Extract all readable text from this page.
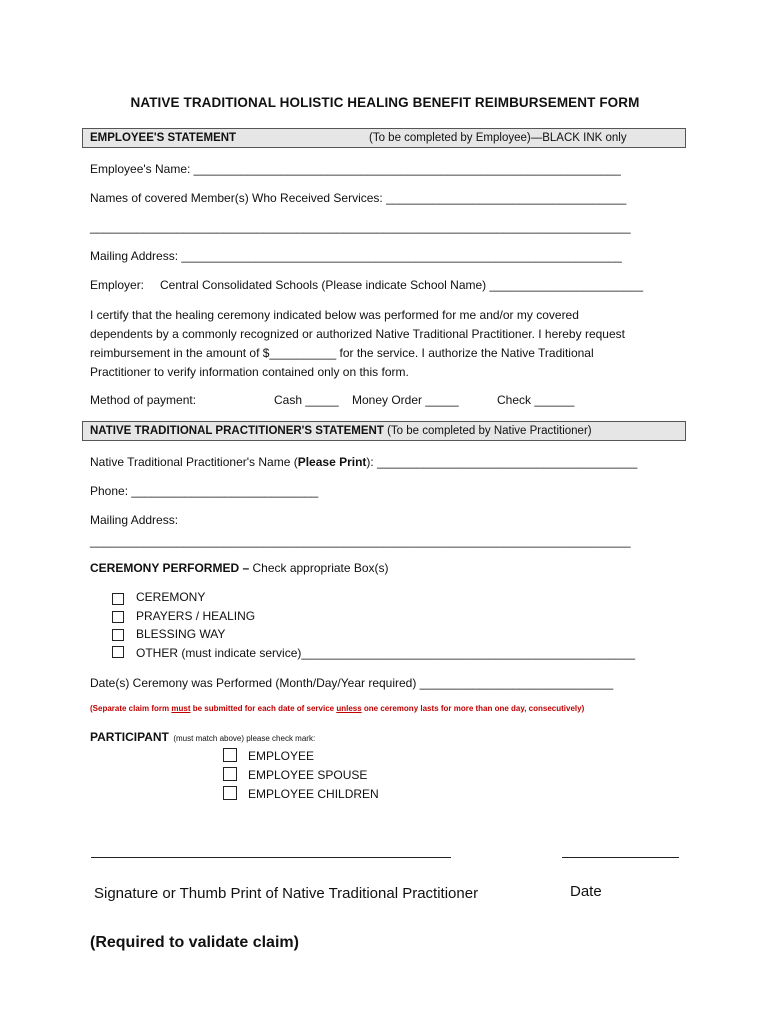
NATIVE TRADITIONAL HOLISTIC HEALING BENEFIT REIMBURSEMENT FORM
EMPLOYEE'S STATEMENT	(To be completed by Employee)—BLACK INK only
Employee's Name: ________________________________________________________________
Names of covered Member(s) Who Received Services: ____________________________________
_________________________________________________________________________________
Mailing Address: __________________________________________________________________
Employer: Central Consolidated Schools (Please indicate School Name) _______________________
I certify that the healing ceremony indicated below was performed for me and/or my covered
dependents by a commonly recognized or authorized Native Traditional Practitioner. I hereby request
reimbursement in the amount of $__________ for the service. I authorize the Native Traditional
Practitioner to verify information contained only on this form.
Method of payment:	Cash _____ Money Order _____	Check ______
NATIVE TRADITIONAL PRACTITIONER'S STATEMENT (To be completed by Native Practitioner)
Native Traditional Practitioner's Name (Please Print): _______________________________________
Phone: ____________________________
Mailing Address:
_________________________________________________________________________________
CEREMONY PERFORMED – Check appropriate Box(s)
CEREMONY
PRAYERS / HEALING
BLESSING WAY
OTHER (must indicate service)__________________________________________________
Date(s) Ceremony was Performed (Month/Day/Year required) _____________________________
(Separate claim form must be submitted for each date of service unless one ceremony lasts for more than one day, consecutively)
PARTICIPANT (must match above) please check mark:
EMPLOYEE
EMPLOYEE SPOUSE
EMPLOYEE CHILDREN
Signature or Thumb Print of Native Traditional Practitioner	Date
(Required to validate claim)
